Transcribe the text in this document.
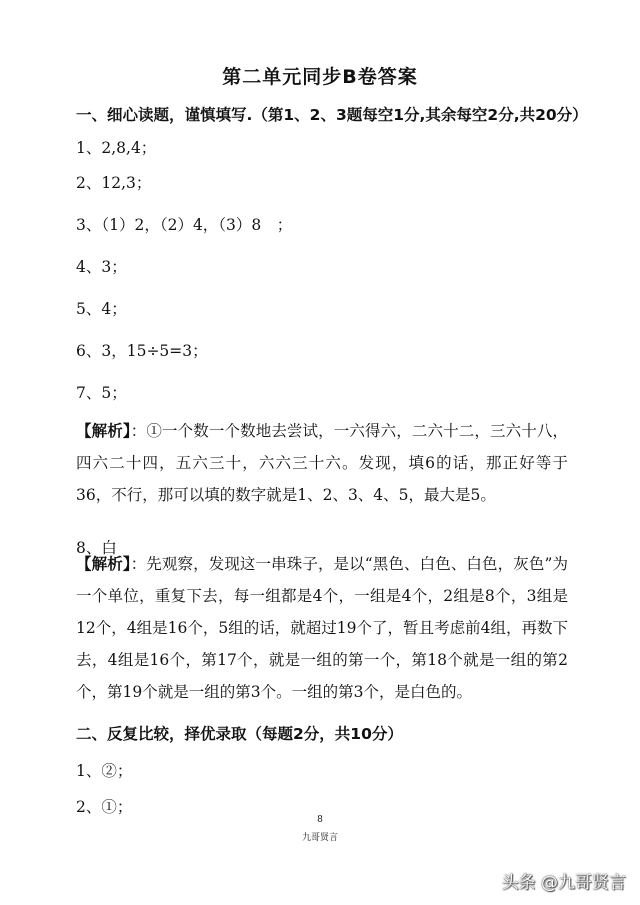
第二单元同步B卷答案
一、细心读题，谨慎填写.（第1、2、3题每空1分,其余每空2分,共20分）
1、2,8,4；
2、12,3；
3、（1）2，（2）4，（3）8　；
4、3；
5、4；
6、3，15÷5=3；
7、5；
【解析】：①一个数一个数地去尝试，一六得六，二六十二，三六十八，四六二十四，五六三十，六六三十六。发现，填6的话，那正好等于36，不行，那可以填的数字就是1、2、3、4、5，最大是5。
8、白
【解析】：先观察，发现这一串珠子，是以“黑色、白色、白色，灰色”为一个单位，重复下去，每一组都是4个，一组是4个，2组是8个，3组是12个，4组是16个，5组的话，就超过19个了，暂且考虑前4组，再数下去，4组是16个，第17个，就是一组的第一个，第18个就是一组的第2个，第19个就是一组的第3个。一组的第3个，是白色的。
二、反复比较，择优录取（每题2分，共10分）
1、②；
2、①；
8
九哥贤言
头条 @九哥贤言
